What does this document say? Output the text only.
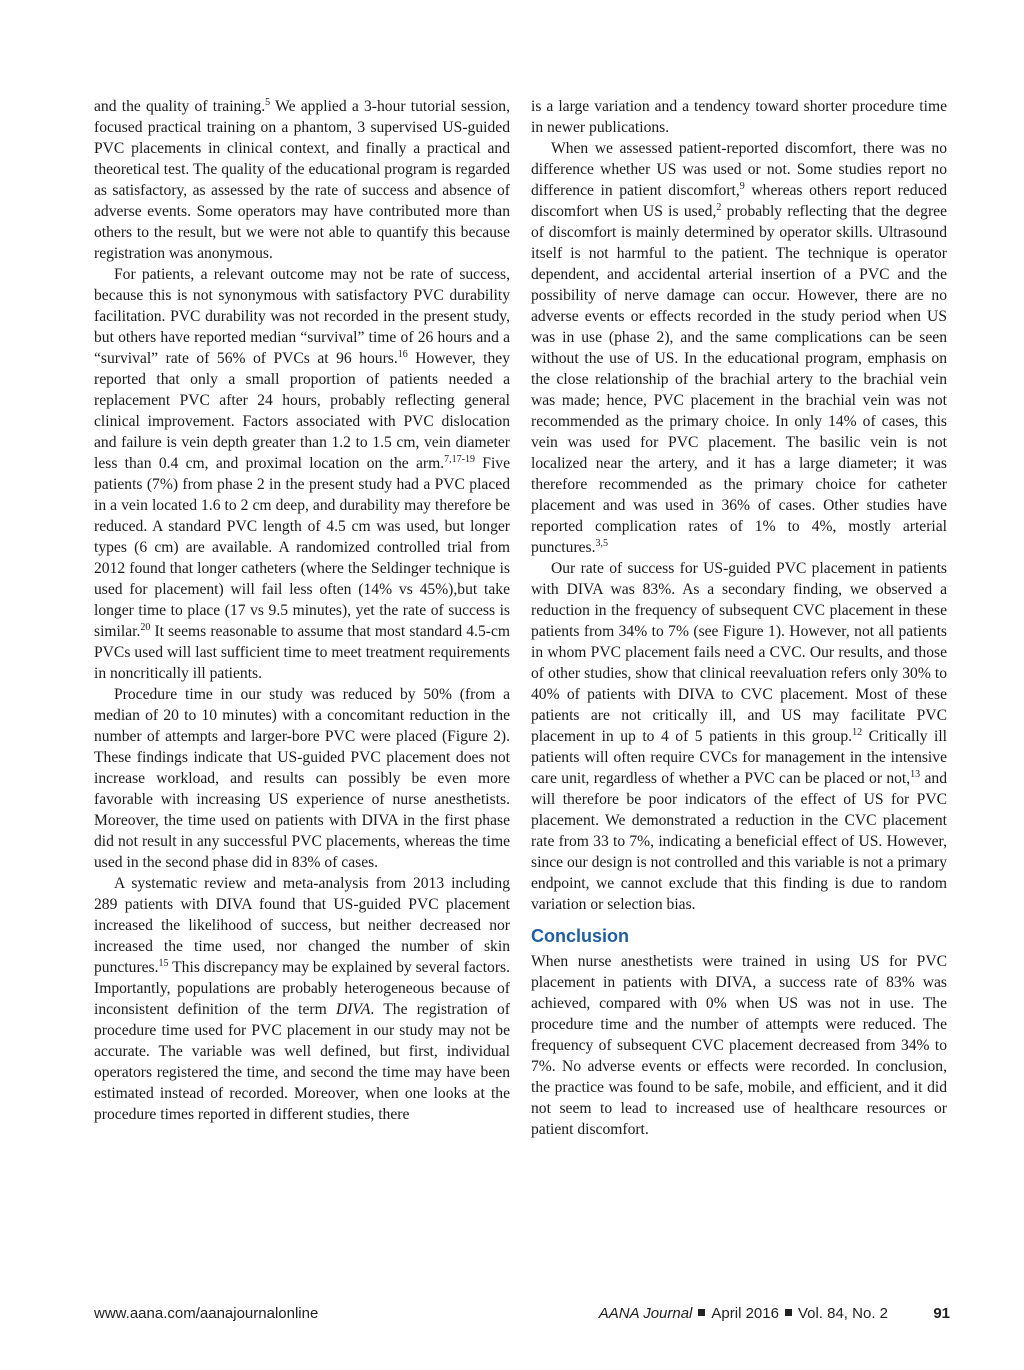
and the quality of training.$^5$ We applied a 3-hour tutorial session, focused practical training on a phantom, 3 supervised US-guided PVC placements in clinical context, and finally a practical and theoretical test. The quality of the educational program is regarded as satisfactory, as assessed by the rate of success and absence of adverse events. Some operators may have contributed more than others to the result, but we were not able to quantify this because registration was anonymous.

For patients, a relevant outcome may not be rate of success, because this is not synonymous with satisfactory PVC durability facilitation. PVC durability was not recorded in the present study, but others have reported median “survival” time of 26 hours and a “survival” rate of 56% of PVCs at 96 hours.$^{16}$ However, they reported that only a small proportion of patients needed a replacement PVC after 24 hours, probably reflecting general clinical improvement. Factors associated with PVC dislocation and failure is vein depth greater than 1.2 to 1.5 cm, vein diameter less than 0.4 cm, and proximal location on the arm.$^{7,17-19}$ Five patients (7%) from phase 2 in the present study had a PVC placed in a vein located 1.6 to 2 cm deep, and durability may therefore be reduced. A standard PVC length of 4.5 cm was used, but longer types (6 cm) are available. A randomized controlled trial from 2012 found that longer catheters (where the Seldinger technique is used for placement) will fail less often (14% vs 45%),but take longer time to place (17 vs 9.5 minutes), yet the rate of success is similar.$^{20}$ It seems reasonable to assume that most standard 4.5-cm PVCs used will last sufficient time to meet treatment requirements in noncritically ill patients.

Procedure time in our study was reduced by 50% (from a median of 20 to 10 minutes) with a concomitant reduction in the number of attempts and larger-bore PVC were placed (Figure 2). These findings indicate that US-guided PVC placement does not increase workload, and results can possibly be even more favorable with increasing US experience of nurse anesthetists. Moreover, the time used on patients with DIVA in the first phase did not result in any successful PVC placements, whereas the time used in the second phase did in 83% of cases.

A systematic review and meta-analysis from 2013 including 289 patients with DIVA found that US-guided PVC placement increased the likelihood of success, but neither decreased nor increased the time used, nor changed the number of skin punctures.$^{15}$ This discrepancy may be explained by several factors. Importantly, populations are probably heterogeneous because of inconsistent definition of the term DIVA. The registration of procedure time used for PVC placement in our study may not be accurate. The variable was well defined, but first, individual operators registered the time, and second the time may have been estimated instead of recorded. Moreover, when one looks at the procedure times reported in different studies, there

is a large variation and a tendency toward shorter procedure time in newer publications.

When we assessed patient-reported discomfort, there was no difference whether US was used or not. Some studies report no difference in patient discomfort,$^9$ whereas others report reduced discomfort when US is used,$^2$ probably reflecting that the degree of discomfort is mainly determined by operator skills. Ultrasound itself is not harmful to the patient. The technique is operator dependent, and accidental arterial insertion of a PVC and the possibility of nerve damage can occur. However, there are no adverse events or effects recorded in the study period when US was in use (phase 2), and the same complications can be seen without the use of US. In the educational program, emphasis on the close relationship of the brachial artery to the brachial vein was made; hence, PVC placement in the brachial vein was not recommended as the primary choice. In only 14% of cases, this vein was used for PVC placement. The basilic vein is not localized near the artery, and it has a large diameter; it was therefore recommended as the primary choice for catheter placement and was used in 36% of cases. Other studies have reported complication rates of 1% to 4%, mostly arterial punctures.$^{3,5}$

Our rate of success for US-guided PVC placement in patients with DIVA was 83%. As a secondary finding, we observed a reduction in the frequency of subsequent CVC placement in these patients from 34% to 7% (see Figure 1). However, not all patients in whom PVC placement fails need a CVC. Our results, and those of other studies, show that clinical reevaluation refers only 30% to 40% of patients with DIVA to CVC placement. Most of these patients are not critically ill, and US may facilitate PVC placement in up to 4 of 5 patients in this group.$^{12}$ Critically ill patients will often require CVCs for management in the intensive care unit, regardless of whether a PVC can be placed or not,$^{13}$ and will therefore be poor indicators of the effect of US for PVC placement. We demonstrated a reduction in the CVC placement rate from 33 to 7%, indicating a beneficial effect of US. However, since our design is not controlled and this variable is not a primary endpoint, we cannot exclude that this finding is due to random variation or selection bias.

Conclusion

When nurse anesthetists were trained in using US for PVC placement in patients with DIVA, a success rate of 83% was achieved, compared with 0% when US was not in use. The procedure time and the number of attempts were reduced. The frequency of subsequent CVC placement decreased from 34% to 7%. No adverse events or effects were recorded. In conclusion, the practice was found to be safe, mobile, and efficient, and it did not seem to lead to increased use of healthcare resources or patient discomfort.

www.aana.com/aanajournalonline	AANA Journal April 2016 Vol. 84, No. 2	91
